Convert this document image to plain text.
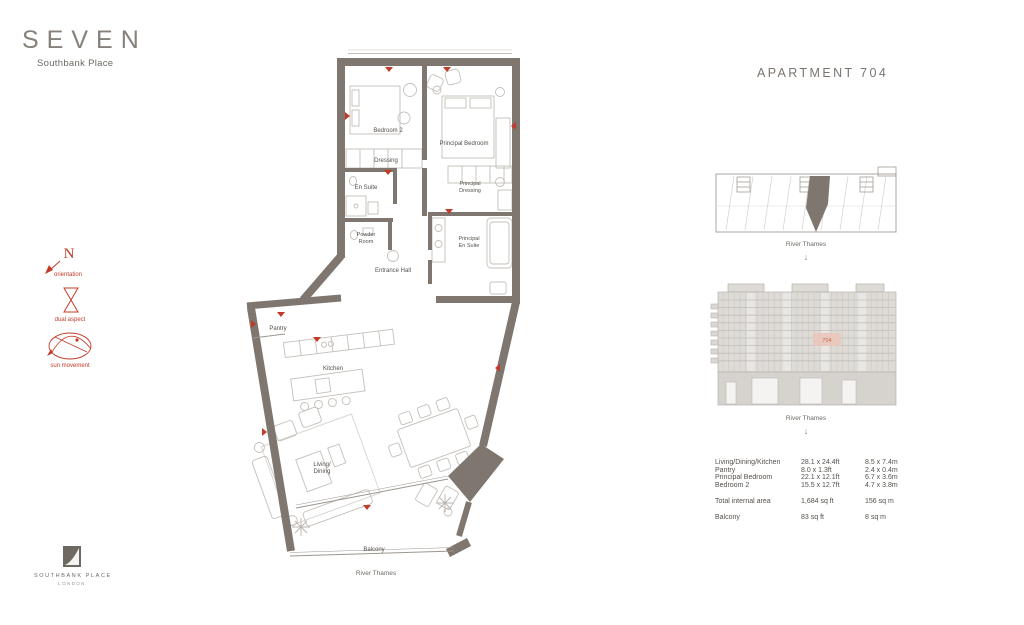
SEVEN
Southbank Place
APARTMENT 704
N
orientation
dual aspect
sun movement
Bedroom 2
Dressing
En Suite
Powder
Room
Principal Bedroom
Principal
Dressing
Principal
En Suite
Entrance Hall
Pantry
Kitchen
Living/
Dining
Balcony
River Thames
River Thames
↓
704
River Thames
↓
Living/Dining/Kitchen	28.1 x 24.4ft	8.5 x 7.4m
Pantry	8.0 x 1.3ft	2.4 x 0.4m
Principal Bedroom	22.1 x 12.1ft	6.7 x 3.6m
Bedroom 2	15.5 x 12.7ft	4.7 x 3.8m
Total internal area	1,684 sq ft	156 sq m
Balcony	83 sq ft	8 sq m
SOUTHBANK PLACE
LONDON
